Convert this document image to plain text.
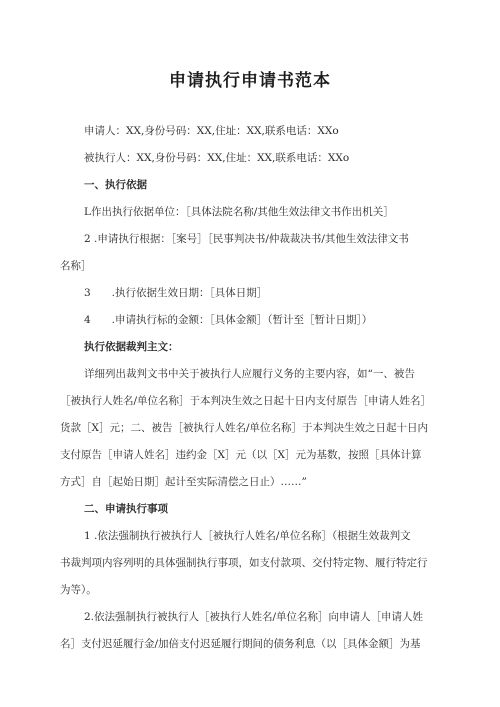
申请执行申请书范本
申请人：XX,身份号码：XX,住址：XX,联系电话：XXo
被执行人：XX,身份号码：XX,住址：XX,联系电话：XXo
一、执行依据
L作出执行依据单位：［具体法院名称/其他生效法律文书作出机关］
2 .申请执行根据：［案号］［民事判决书/仲裁裁决书/其他生效法律文书
名称］
3　　.执行依据生效日期：［具体日期］
4　　.申请执行标的金额：［具体金额］（暂计至［暂计日期］）
执行依据裁判主文：
详细列出裁判文书中关于被执行人应履行义务的主要内容，如“一、被告
［被执行人姓名/单位名称］于本判决生效之日起十日内支付原告［申请人姓名］
货款［X］元；二、被告［被执行人姓名/单位名称］于本判决生效之日起十日内
支付原告［申请人姓名］违约金［X］元（以［X］元为基数，按照［具体计算
方式］自［起始日期］起计至实际清偿之日止）……”
二、申请执行事项
1 .依法强制执行被执行人［被执行人姓名/单位名称］（根据生效裁判文
书裁判项内容列明的具体强制执行事项，如支付款项、交付特定物、履行特定行
为等）。
2.依法强制执行被执行人［被执行人姓名/单位名称］向申请人［申请人姓
名］支付迟延履行金/加倍支付迟延履行期间的债务利息（以［具体金额］为基
